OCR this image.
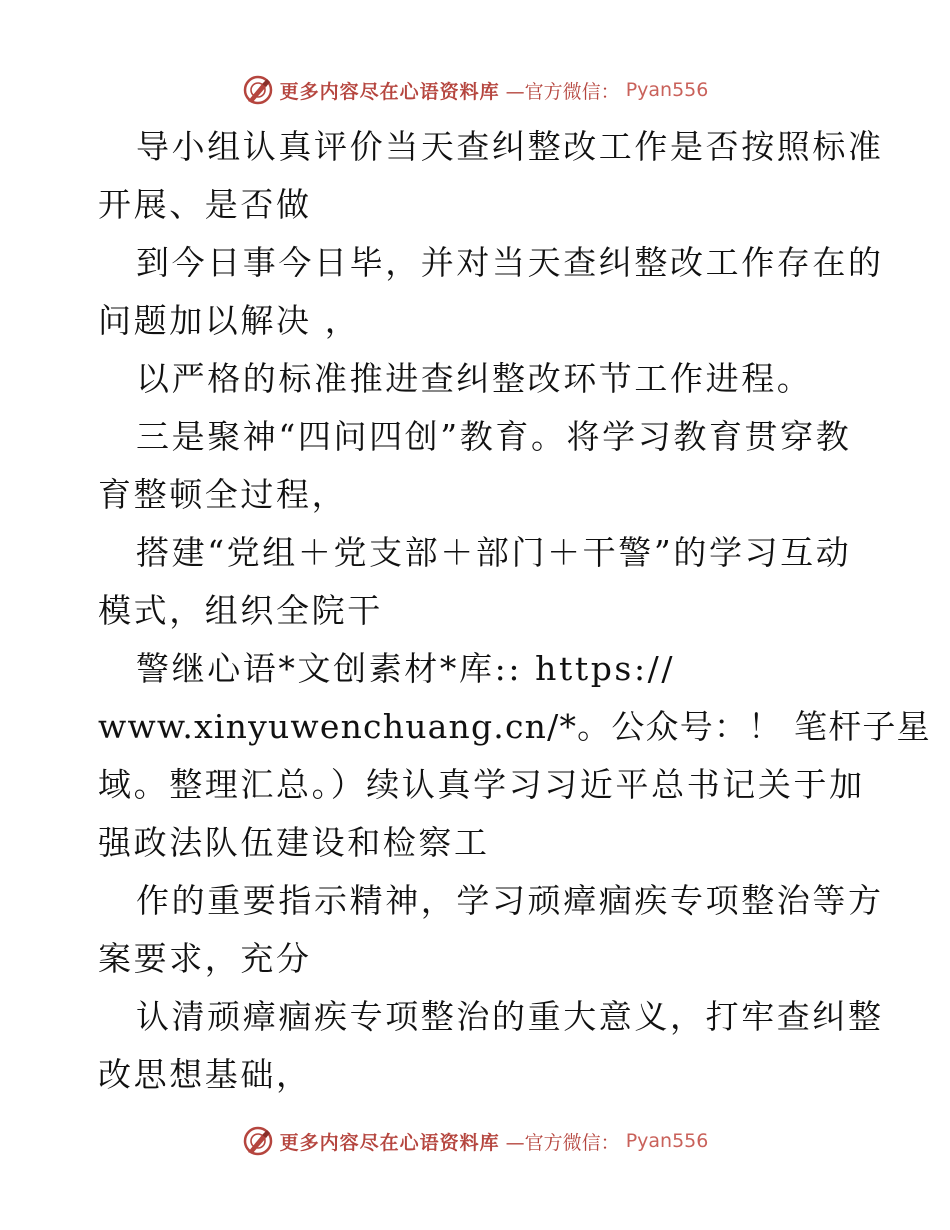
更多内容尽在心语资料库 —官方微信： Pyan556
导小组认真评价当天查纠整改工作是否按照标准
开展、是否做
到今日事今日毕，并对当天查纠整改工作存在的
问题加以解决 ，
以严格的标准推进查纠整改环节工作进程。
三是聚神“四问四创”教育。将学习教育贯穿教
育整顿全过程，
搭建“党组＋党支部＋部门＋干警”的学习互动
模式，组织全院干
警继心语*文创素材*库:: https://
www.xinyuwenchuang.cn/*。公众号：！ 笔杆子星
域。整理汇总。）续认真学习习近平总书记关于加
强政法队伍建设和检察工
作的重要指示精神，学习顽瘴痼疾专项整治等方
案要求，充分
认清顽瘴痼疾专项整治的重大意义，打牢查纠整
改思想基础，
更多内容尽在心语资料库 —官方微信： Pyan556
